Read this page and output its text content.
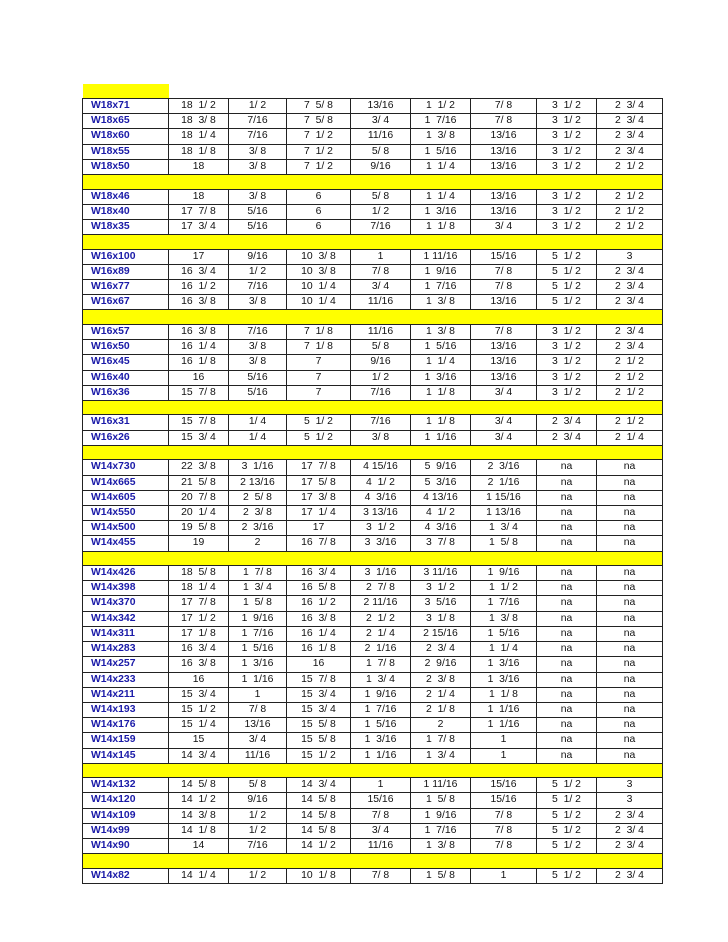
W18x71	18  1/ 2	1/ 2	7  5/ 8	13/16	1  1/ 2	7/ 8	3  1/ 2	2  3/ 4
W18x65	18  3/ 8	7/16	7  5/ 8	3/ 4	1  7/16	7/ 8	3  1/ 2	2  3/ 4
W18x60	18  1/ 4	7/16	7  1/ 2	11/16	1  3/ 8	13/16	3  1/ 2	2  3/ 4
W18x55	18  1/ 8	3/ 8	7  1/ 2	5/ 8	1  5/16	13/16	3  1/ 2	2  3/ 4
W18x50	18	3/ 8	7  1/ 2	9/16	1  1/ 4	13/16	3  1/ 2	2  1/ 2

W18x46	18	3/ 8	6	5/ 8	1  1/ 4	13/16	3  1/ 2	2  1/ 2
W18x40	17  7/ 8	5/16	6	1/ 2	1  3/16	13/16	3  1/ 2	2  1/ 2
W18x35	17  3/ 4	5/16	6	7/16	1  1/ 8	3/ 4	3  1/ 2	2  1/ 2

W16x100	17	9/16	10  3/ 8	1	1 11/16	15/16	5  1/ 2	3
W16x89	16  3/ 4	1/ 2	10  3/ 8	7/ 8	1  9/16	7/ 8	5  1/ 2	2  3/ 4
W16x77	16  1/ 2	7/16	10  1/ 4	3/ 4	1  7/16	7/ 8	5  1/ 2	2  3/ 4
W16x67	16  3/ 8	3/ 8	10  1/ 4	11/16	1  3/ 8	13/16	5  1/ 2	2  3/ 4

W16x57	16  3/ 8	7/16	7  1/ 8	11/16	1  3/ 8	7/ 8	3  1/ 2	2  3/ 4
W16x50	16  1/ 4	3/ 8	7  1/ 8	5/ 8	1  5/16	13/16	3  1/ 2	2  3/ 4
W16x45	16  1/ 8	3/ 8	7	9/16	1  1/ 4	13/16	3  1/ 2	2  1/ 2
W16x40	16	5/16	7	1/ 2	1  3/16	13/16	3  1/ 2	2  1/ 2
W16x36	15  7/ 8	5/16	7	7/16	1  1/ 8	3/ 4	3  1/ 2	2  1/ 2

W16x31	15  7/ 8	1/ 4	5  1/ 2	7/16	1  1/ 8	3/ 4	2  3/ 4	2  1/ 2
W16x26	15  3/ 4	1/ 4	5  1/ 2	3/ 8	1  1/16	3/ 4	2  3/ 4	2  1/ 4

W14x730	22  3/ 8	3  1/16	17  7/ 8	4 15/16	5  9/16	2  3/16	na	na
W14x665	21  5/ 8	2 13/16	17  5/ 8	4  1/ 2	5  3/16	2  1/16	na	na
W14x605	20  7/ 8	2  5/ 8	17  3/ 8	4  3/16	4 13/16	1 15/16	na	na
W14x550	20  1/ 4	2  3/ 8	17  1/ 4	3 13/16	4  1/ 2	1 13/16	na	na
W14x500	19  5/ 8	2  3/16	17	3  1/ 2	4  3/16	1  3/ 4	na	na
W14x455	19	2	16  7/ 8	3  3/16	3  7/ 8	1  5/ 8	na	na

W14x426	18  5/ 8	1  7/ 8	16  3/ 4	3  1/16	3 11/16	1  9/16	na	na
W14x398	18  1/ 4	1  3/ 4	16  5/ 8	2  7/ 8	3  1/ 2	1  1/ 2	na	na
W14x370	17  7/ 8	1  5/ 8	16  1/ 2	2 11/16	3  5/16	1  7/16	na	na
W14x342	17  1/ 2	1  9/16	16  3/ 8	2  1/ 2	3  1/ 8	1  3/ 8	na	na
W14x311	17  1/ 8	1  7/16	16  1/ 4	2  1/ 4	2 15/16	1  5/16	na	na
W14x283	16  3/ 4	1  5/16	16  1/ 8	2  1/16	2  3/ 4	1  1/ 4	na	na
W14x257	16  3/ 8	1  3/16	16	1  7/ 8	2  9/16	1  3/16	na	na
W14x233	16	1  1/16	15  7/ 8	1  3/ 4	2  3/ 8	1  3/16	na	na
W14x211	15  3/ 4	1	15  3/ 4	1  9/16	2  1/ 4	1  1/ 8	na	na
W14x193	15  1/ 2	7/ 8	15  3/ 4	1  7/16	2  1/ 8	1  1/16	na	na
W14x176	15  1/ 4	13/16	15  5/ 8	1  5/16	2	1  1/16	na	na
W14x159	15	3/ 4	15  5/ 8	1  3/16	1  7/ 8	1	na	na
W14x145	14  3/ 4	11/16	15  1/ 2	1  1/16	1  3/ 4	1	na	na

W14x132	14  5/ 8	5/ 8	14  3/ 4	1	1 11/16	15/16	5  1/ 2	3
W14x120	14  1/ 2	9/16	14  5/ 8	15/16	1  5/ 8	15/16	5  1/ 2	3
W14x109	14  3/ 8	1/ 2	14  5/ 8	7/ 8	1  9/16	7/ 8	5  1/ 2	2  3/ 4
W14x99	14  1/ 8	1/ 2	14  5/ 8	3/ 4	1  7/16	7/ 8	5  1/ 2	2  3/ 4
W14x90	14	7/16	14  1/ 2	11/16	1  3/ 8	7/ 8	5  1/ 2	2  3/ 4

W14x82	14  1/ 4	1/ 2	10  1/ 8	7/ 8	1  5/ 8	1	5  1/ 2	2  3/ 4
